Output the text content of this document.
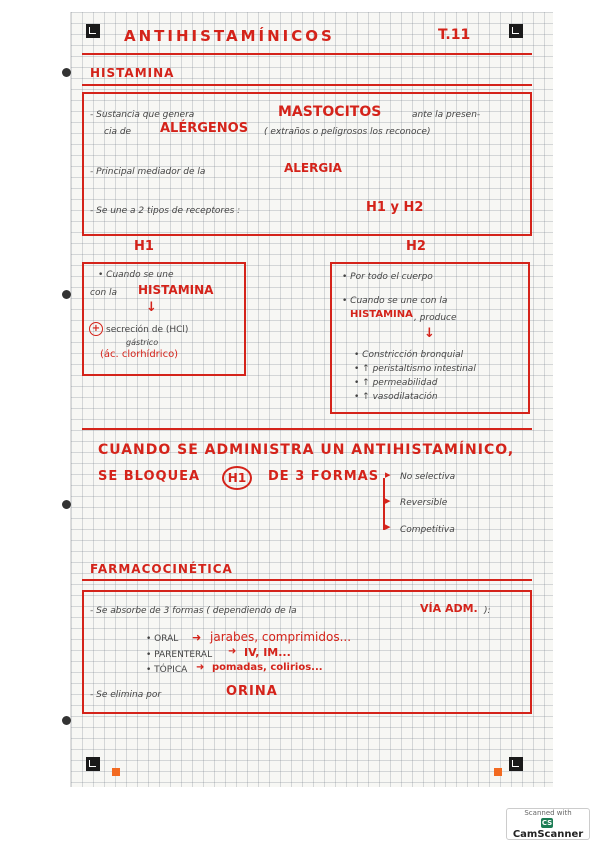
ANTIHISTAMÍNICOS	T.11
HISTAMINA
- Sustancia que genera	MASTOCITOS	ante la presen-
cia de ALÉRGENOS ( extraños o peligrosos los reconoce)
- Principal mediador de la	ALERGIA
- Se une a 2 tipos de receptores :	H1 y H2
H1	H2
• Cuando se une
con la HISTAMINA
↓
+ secreción de (HCl)
gástrico
(ác. clorhídrico)
• Por todo el cuerpo
• Cuando se une con la
HISTAMINA , produce
↓
• Constricción bronquial
• ↑ peristaltismo intestinal
• ↑ permeabilidad
• ↑ vasodilatación
CUANDO SE ADMINISTRA UN ANTIHISTAMÍNICO,
SE BLOQUEA	H1	DE 3 FORMAS ▸
▸
▸
No selectiva
Reversible
Competitiva
FARMACOCINÉTICA
- Se absorbe de 3 formas ( dependiendo de la	VÍA ADM. ):
• ORAL ➜ jarabes, comprimidos...
• PARENTERAL ➜ IV, IM...
• TÓPICA ➜ pomadas, colirios...
- Se elimina por	ORINA
Scanned with
CSCamScanner
